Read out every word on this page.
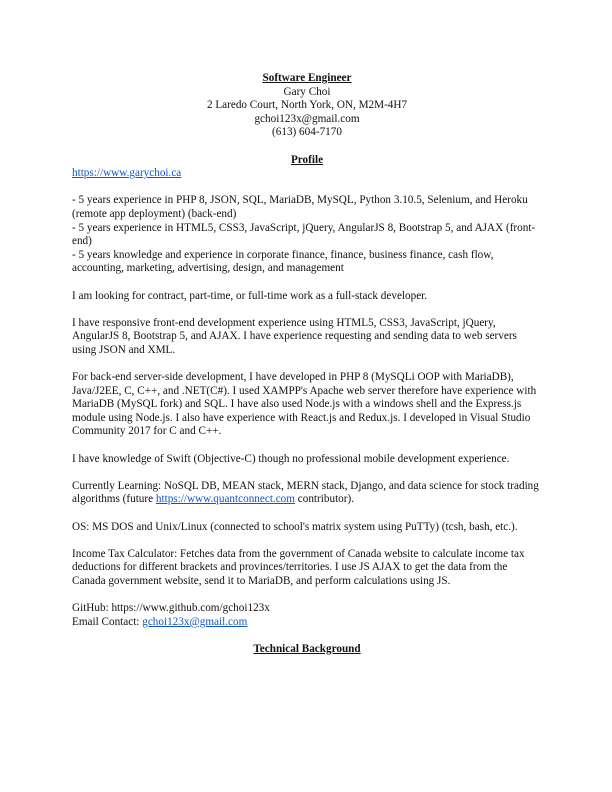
Software Engineer
Gary Choi
2 Laredo Court, North York, ON, M2M-4H7
gchoi123x@gmail.com
(613) 604-7170
Profile
https://www.garychoi.ca

- 5 years experience in PHP 8, JSON, SQL, MariaDB, MySQL, Python 3.10.5, Selenium, and Heroku (remote app deployment) (back-end)

- 5 years experience in HTML5, CSS3, JavaScript, jQuery, AngularJS 8, Bootstrap 5, and AJAX (front-end)

- 5 years knowledge and experience in corporate finance, finance, business finance, cash flow, accounting, marketing, advertising, design, and management

I am looking for contract, part-time, or full-time work as a full-stack developer.

I have responsive front-end development experience using HTML5, CSS3, JavaScript, jQuery, AngularJS 8, Bootstrap 5, and AJAX. I have experience requesting and sending data to web servers using JSON and XML.

For back-end server-side development, I have developed in PHP 8 (MySQLi OOP with MariaDB), Java/J2EE, C, C++, and .NET(C#). I used XAMPP's Apache web server therefore have experience with MariaDB (MySQL fork) and SQL. I have also used Node.js with a windows shell and the Express.js module using Node.js. I also have experience with React.js and Redux.js. I developed in Visual Studio Community 2017 for C and C++.

I have knowledge of Swift (Objective-C) though no professional mobile development experience.

Currently Learning: NoSQL DB, MEAN stack, MERN stack, Django, and data science for stock trading algorithms (future https://www.quantconnect.com contributor).

OS: MS DOS and Unix/Linux (connected to school's matrix system using PuTTy) (tcsh, bash, etc.).

Income Tax Calculator: Fetches data from the government of Canada website to calculate income tax deductions for different brackets and provinces/territories. I use JS AJAX to get the data from the Canada government website, send it to MariaDB, and perform calculations using JS.

GitHub: https://www.github.com/gchoi123x

Email Contact: gchoi123x@gmail.com

Technical Background
